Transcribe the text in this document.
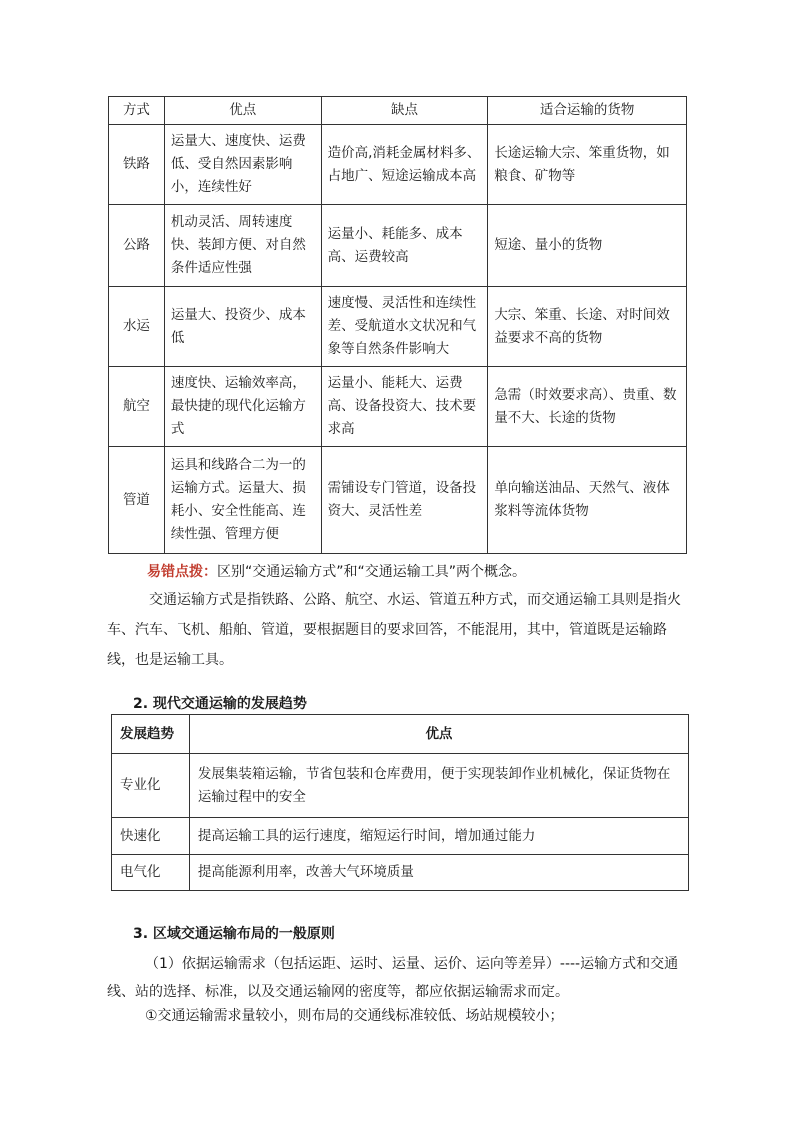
方式	优点	缺点	适合运输的货物
铁路	运量大、速度快、运费低、受自然因素影响小，连续性好	造价高,消耗金属材料多、占地广、短途运输成本高	长途运输大宗、笨重货物，如粮食、矿物等
公路	机动灵活、周转速度快、装卸方便、对自然条件适应性强	运量小、耗能多、成本高、运费较高	短途、量小的货物
水运	运量大、投资少、成本低	速度慢、灵活性和连续性差、受航道水文状况和气象等自然条件影响大	大宗、笨重、长途、对时间效益要求不高的货物
航空	速度快、运输效率高，最快捷的现代化运输方式	运量小、能耗大、运费高、设备投资大、技术要求高	急需（时效要求高）、贵重、数量不大、长途的货物
管道	运具和线路合二为一的运输方式。运量大、损耗小、安全性能高、连续性强、管理方便	需铺设专门管道，设备投资大、灵活性差	单向输送油品、天然气、液体浆料等流体货物
易错点拨：区别“交通运输方式”和“交通运输工具”两个概念。
交通运输方式是指铁路、公路、航空、水运、管道五种方式，而交通运输工具则是指火车、汽车、飞机、船舶、管道，要根据题目的要求回答，不能混用，其中，管道既是运输路线，也是运输工具。
2. 现代交通运输的发展趋势
发展趋势	优点
专业化	发展集装箱运输，节省包装和仓库费用，便于实现装卸作业机械化，保证货物在运输过程中的安全
快速化	提高运输工具的运行速度，缩短运行时间，增加通过能力
电气化	提高能源利用率，改善大气环境质量
3. 区域交通运输布局的一般原则
（1）依据运输需求（包括运距、运时、运量、运价、运向等差异）----运输方式和交通线、站的选择、标准，以及交通运输网的密度等，都应依据运输需求而定。
①交通运输需求量较小，则布局的交通线标准较低、场站规模较小；
